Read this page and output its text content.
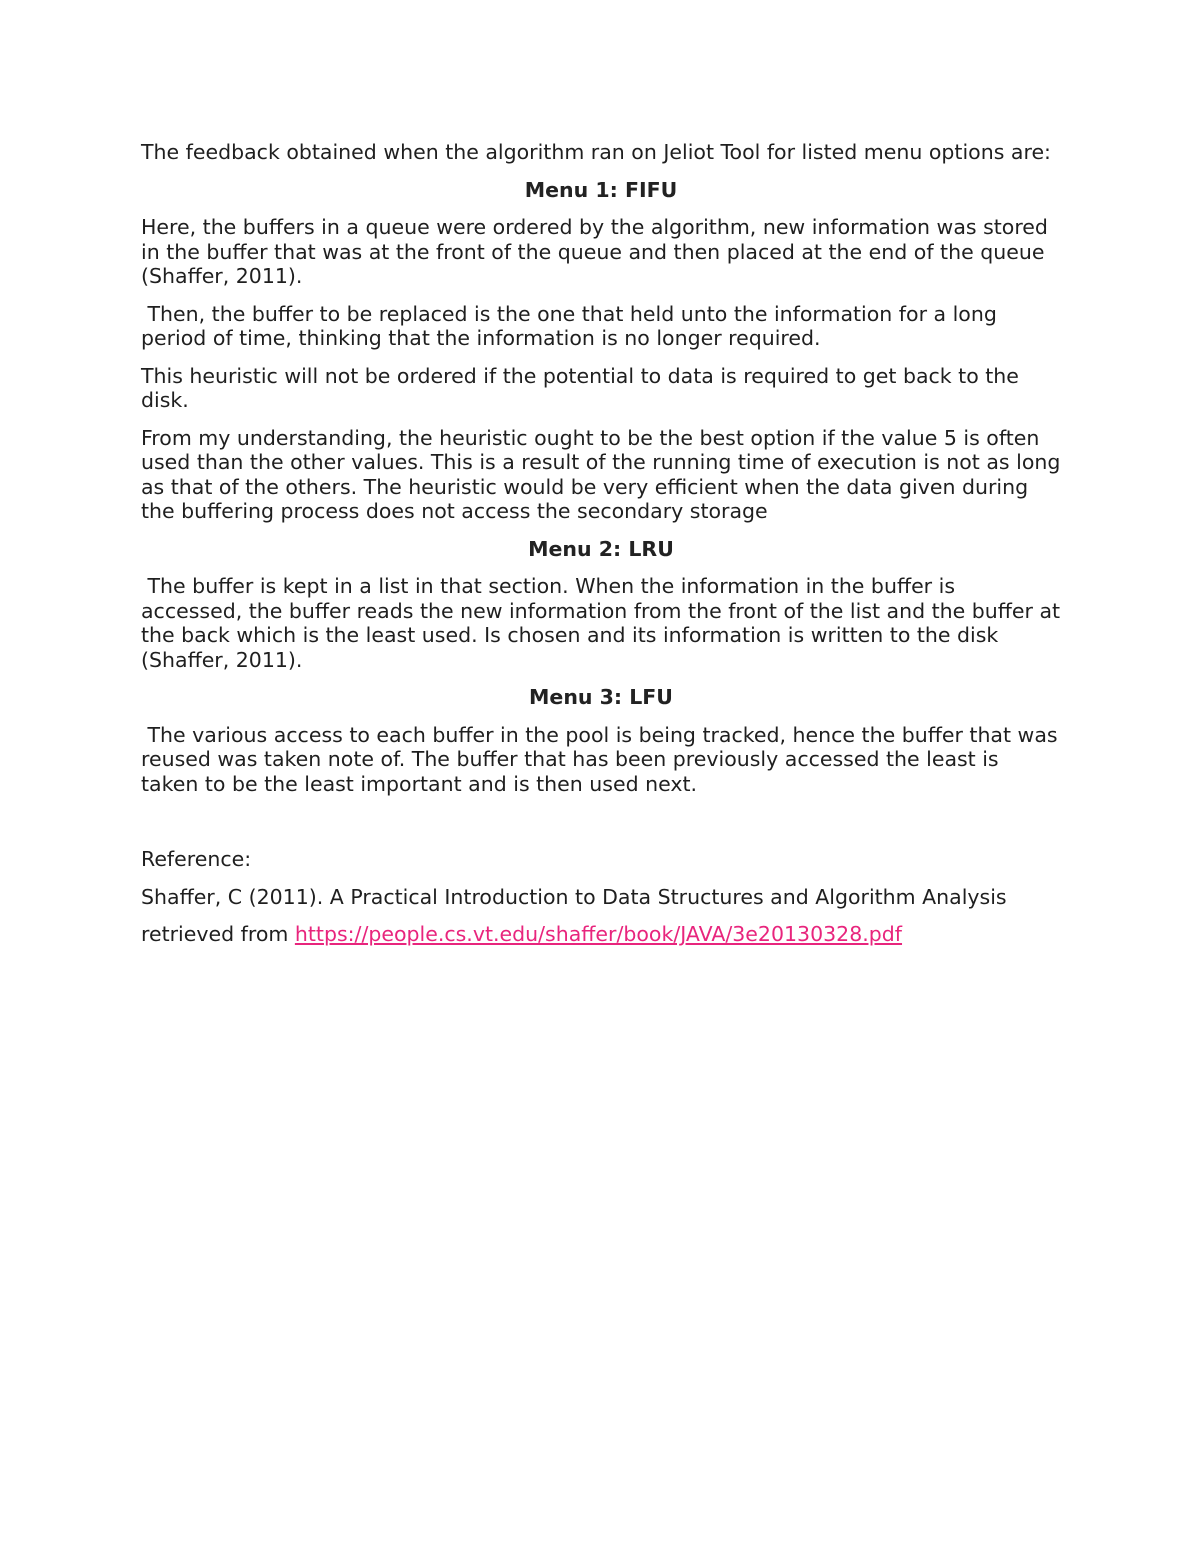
The feedback obtained when the algorithm ran on Jeliot Tool for listed menu options are:

Menu 1: FIFU

Here, the buffers in a queue were ordered by the algorithm, new information was stored in the buffer that was at the front of the queue and then placed at the end of the queue (Shaffer, 2011).

Then, the buffer to be replaced is the one that held unto the information for a long period of time, thinking that the information is no longer required.

This heuristic will not be ordered if the potential to data is required to get back to the disk.

From my understanding, the heuristic ought to be the best option if the value 5 is often used than the other values. This is a result of the running time of execution is not as long as that of the others. The heuristic would be very efficient when the data given during the buffering process does not access the secondary storage

Menu 2: LRU

The buffer is kept in a list in that section. When the information in the buffer is accessed, the buffer reads the new information from the front of the list and the buffer at the back which is the least used. Is chosen and its information is written to the disk (Shaffer, 2011).

Menu 3: LFU

The various access to each buffer in the pool is being tracked, hence the buffer that was reused was taken note of. The buffer that has been previously accessed the least is taken to be the least important and is then used next.

Reference:

Shaffer, C (2011). A Practical Introduction to Data Structures and Algorithm Analysis

retrieved from https://people.cs.vt.edu/shaffer/book/JAVA/3e20130328.pdf
